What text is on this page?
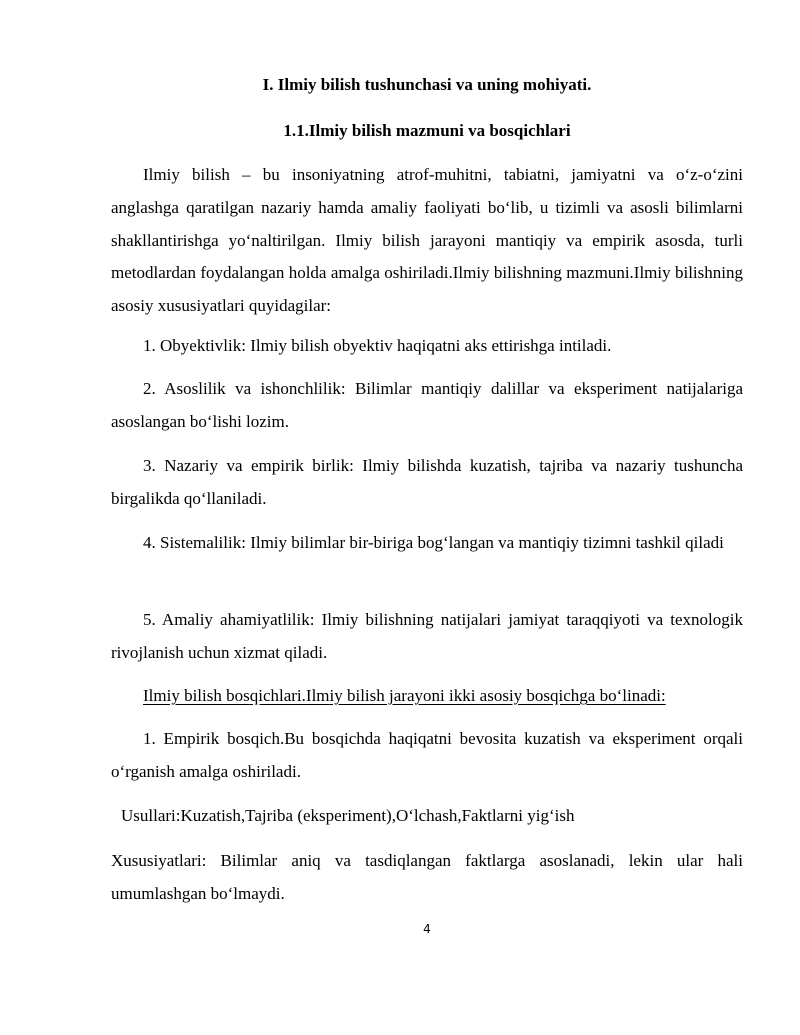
I. Ilmiy bilish tushunchasi va uning mohiyati.
1.1.Ilmiy bilish mazmuni va bosqichlari

Ilmiy bilish – bu insoniyatning atrof-muhitni, tabiatni, jamiyatni va o‘z-o‘zini anglashga qaratilgan nazariy hamda amaliy faoliyati bo‘lib, u tizimli va asosli bilimlarni shakllantirishga yo‘naltirilgan. Ilmiy bilish jarayoni mantiqiy va empirik asosda, turli metodlardan foydalangan holda amalga oshiriladi.Ilmiy bilishning mazmuni.Ilmiy bilishning asosiy xususiyatlari quyidagilar:

1. Obyektivlik: Ilmiy bilish obyektiv haqiqatni aks ettirishga intiladi.

2. Asoslilik va ishonchlilik: Bilimlar mantiqiy dalillar va eksperiment natijalariga asoslangan bo‘lishi lozim.

3. Nazariy va empirik birlik: Ilmiy bilishda kuzatish, tajriba va nazariy tushuncha birgalikda qo‘llaniladi.

4. Sistemalilik: Ilmiy bilimlar bir-biriga bog‘langan va mantiqiy tizimni tashkil qiladi

5. Amaliy ahamiyatlilik: Ilmiy bilishning natijalari jamiyat taraqqiyoti va texnologik rivojlanish uchun xizmat qiladi.

Ilmiy bilish bosqichlari.Ilmiy bilish jarayoni ikki asosiy bosqichga bo‘linadi:

1. Empirik bosqich.Bu bosqichda haqiqatni bevosita kuzatish va eksperiment orqali o‘rganish amalga oshiriladi.

Usullari:Kuzatish,Tajriba (eksperiment),O‘lchash,Faktlarni yig‘ish

Xususiyatlari: Bilimlar aniq va tasdiqlangan faktlarga asoslanadi, lekin ular hali umumlashgan bo‘lmaydi.

4
